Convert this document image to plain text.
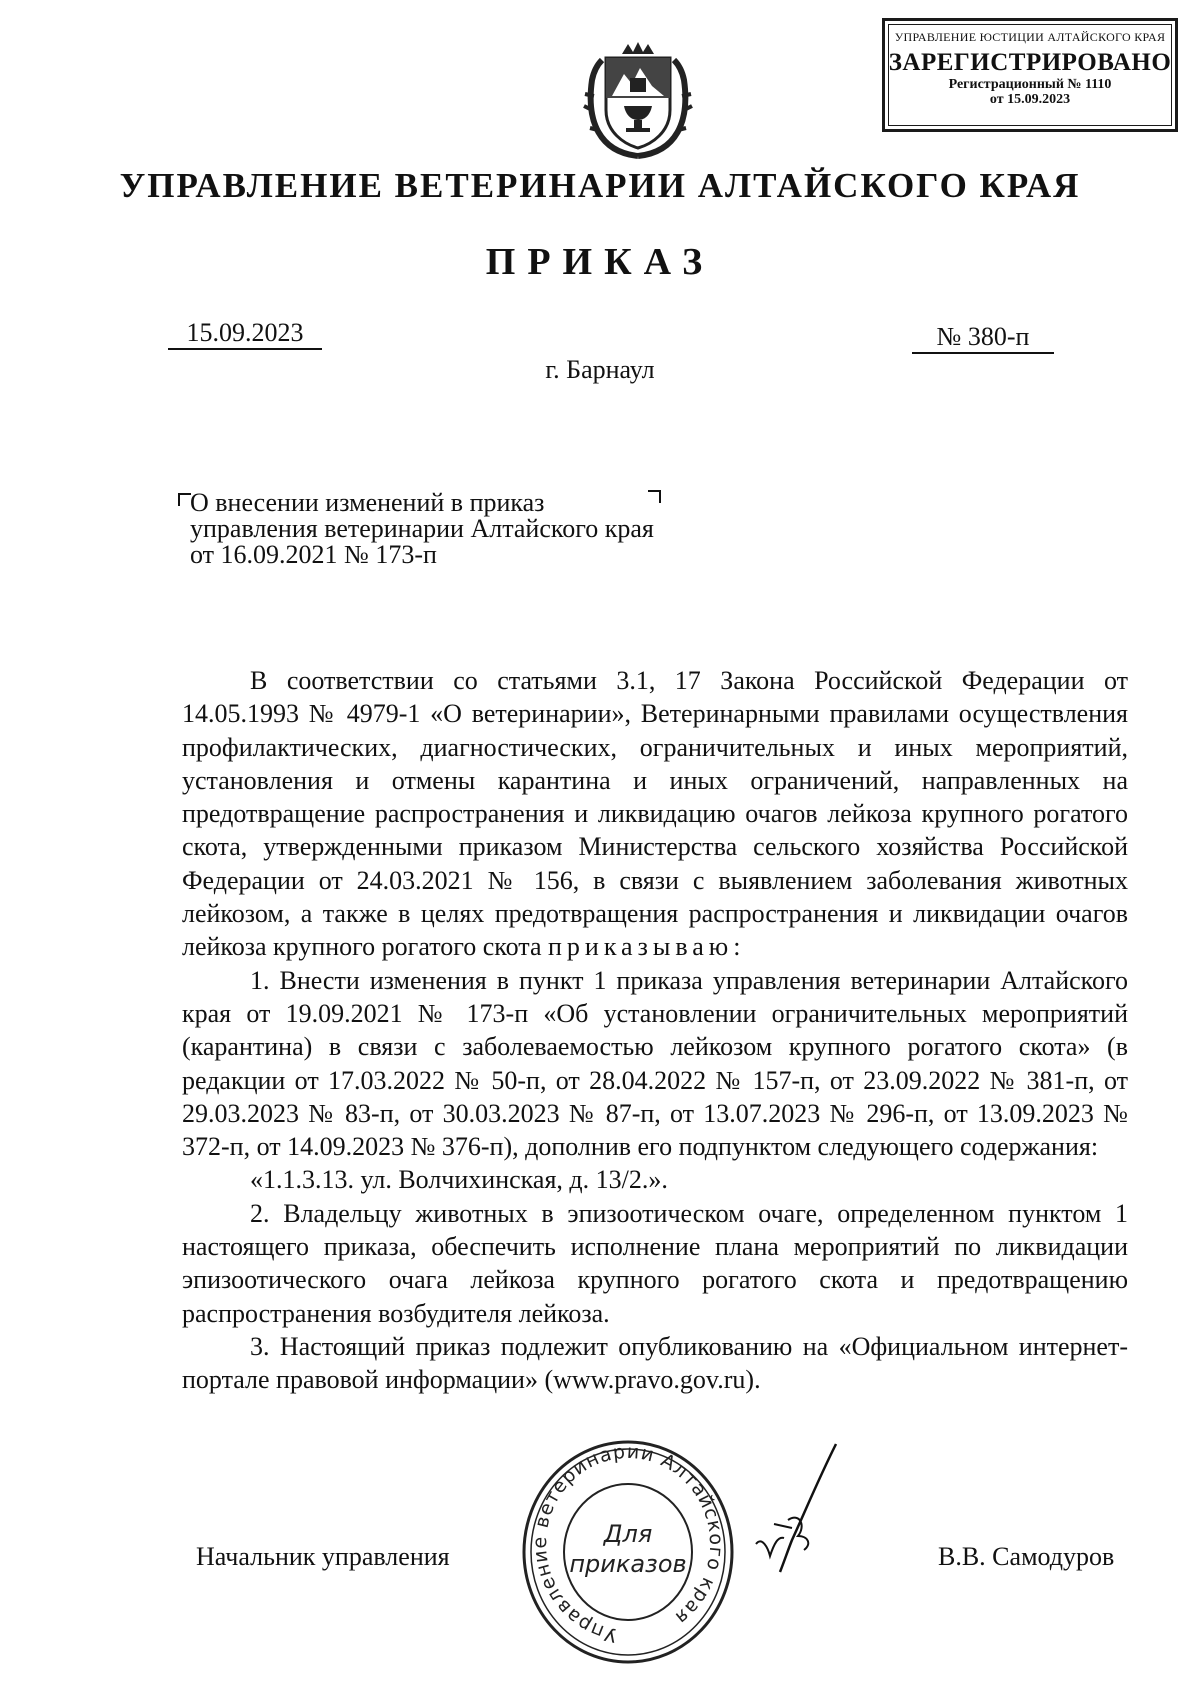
УПРАВЛЕНИЕ ЮСТИЦИИ АЛТАЙСКОГО КРАЯ
ЗАРЕГИСТРИРОВАНО
Регистрационный № 1110
от 15.09.2023
УПРАВЛЕНИЕ ВЕТЕРИНАРИИ АЛТАЙСКОГО КРАЯ
ПРИКАЗ
15.09.2023	№ 380-п
г. Барнаул
О внесении изменений в приказ управления ветеринарии Алтайского края от 16.09.2021 № 173-п

В соответствии со статьями 3.1, 17 Закона Российской Федерации от 14.05.1993 № 4979-1 «О ветеринарии», Ветеринарными правилами осуществления профилактических, диагностических, ограничительных и иных мероприятий, установления и отмены карантина и иных ограничений, направленных на предотвращение распространения и ликвидацию очагов лейкоза крупного рогатого скота, утвержденными приказом Министерства сельского хозяйства Российской Федерации от 24.03.2021 № 156, в связи с выявлением заболевания животных лейкозом, а также в целях предотвращения распространения и ликвидации очагов лейкоза крупного рогатого скота приказываю:

1. Внести изменения в пункт 1 приказа управления ветеринарии Алтайского края от 19.09.2021 № 173-п «Об установлении ограничительных мероприятий (карантина) в связи с заболеваемостью лейкозом крупного рогатого скота» (в редакции от 17.03.2022 № 50-п, от 28.04.2022 № 157-п, от 23.09.2022 № 381-п, от 29.03.2023 № 83-п, от 30.03.2023 № 87-п, от 13.07.2023 № 296-п, от 13.09.2023 № 372-п, от 14.09.2023 № 376-п), дополнив его подпунктом следующего содержания:

«1.1.3.13. ул. Волчихинская, д. 13/2.».

2. Владельцу животных в эпизоотическом очаге, определенном пунктом 1 настоящего приказа, обеспечить исполнение плана мероприятий по ликвидации эпизоотического очага лейкоза крупного рогатого скота и предотвращению распространения возбудителя лейкоза.

3. Настоящий приказ подлежит опубликованию на «Официальном интернет-портале правовой информации» (www.pravo.gov.ru).

Начальник управления
Управление ветеринарии Алтайского края
Для
приказов	В.В. Самодуров
